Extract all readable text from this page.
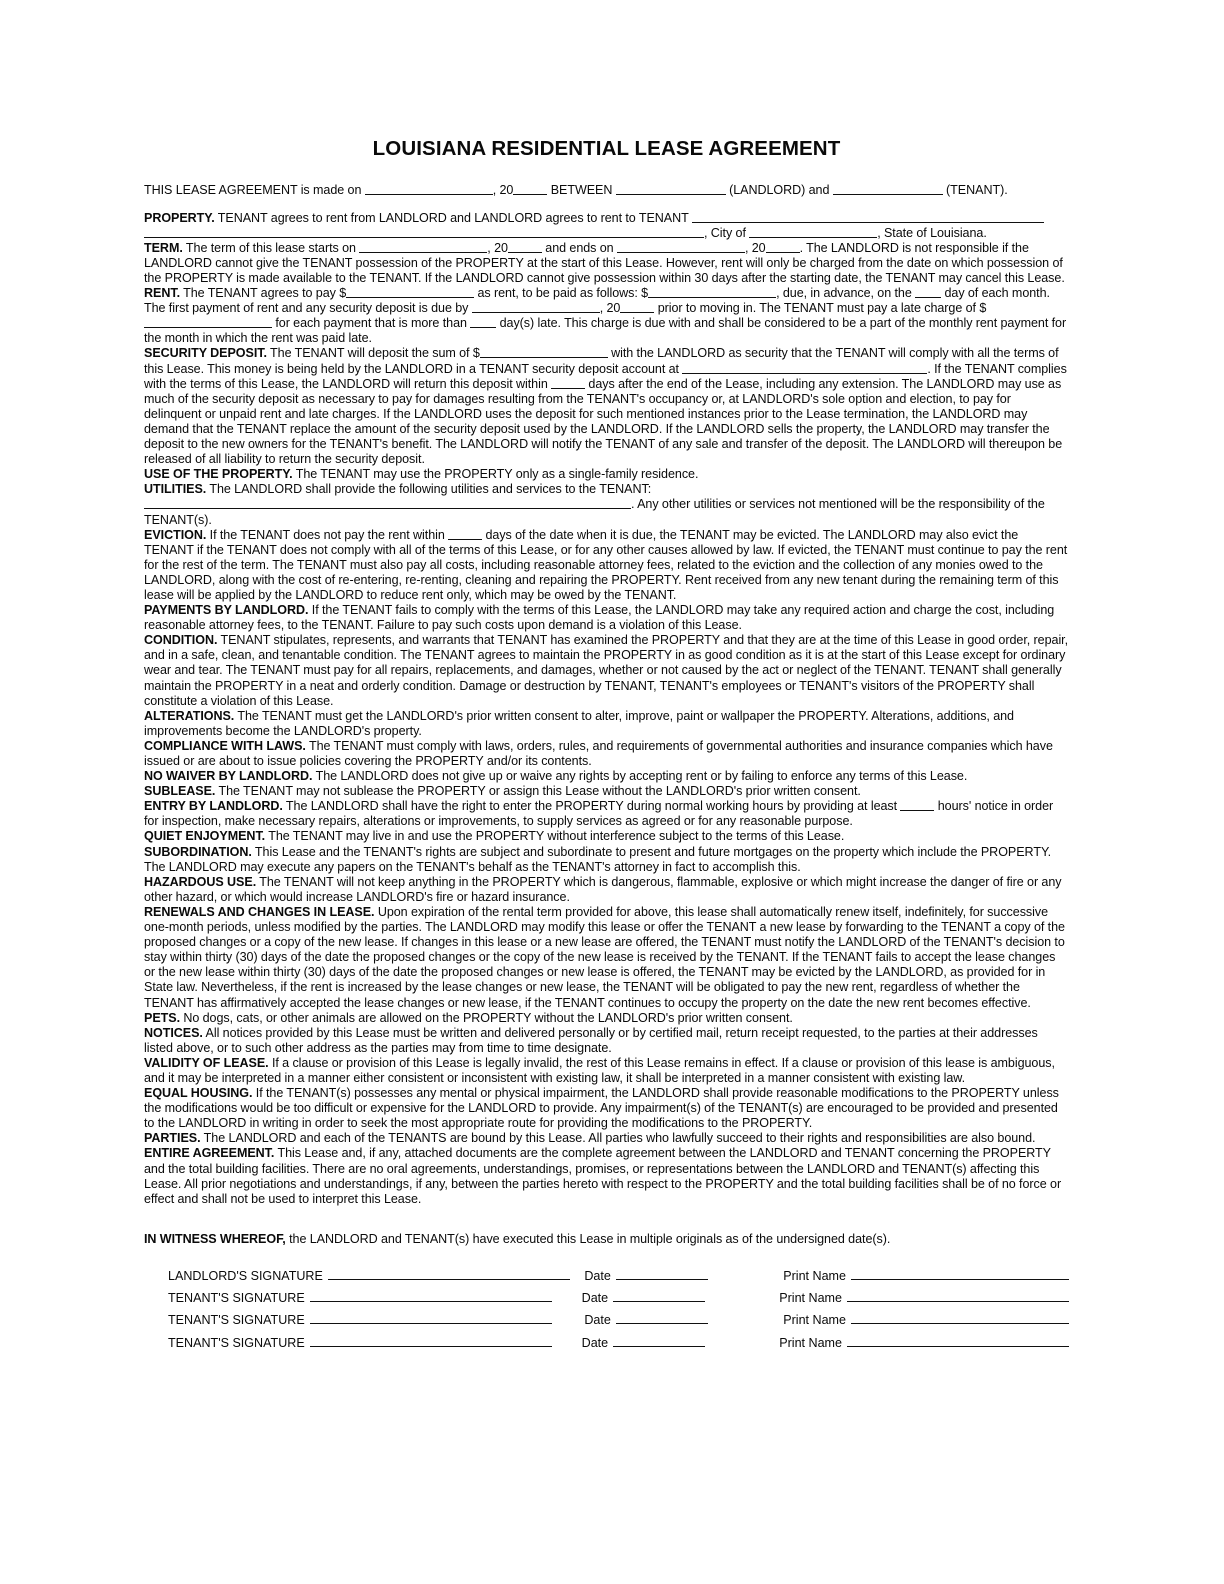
LOUISIANA RESIDENTIAL LEASE AGREEMENT

THIS LEASE AGREEMENT is made on	, 20	BETWEEN	(LANDLORD) and	(TENANT).

PROPERTY. TENANT agrees to rent from LANDLORD and LANDLORD agrees to rent to TENANT
, City of	, State of Louisiana.

TERM. The term of this lease starts on	, 20	and ends on	, 20	. The LANDLORD is not responsible if the LANDLORD cannot give the TENANT possession of the PROPERTY at the start of this Lease. However, rent will only be charged from the date on which possession of the PROPERTY is made available to the TENANT. If the LANDLORD cannot give possession within 30 days after the starting date, the TENANT may cancel this Lease.

RENT. The TENANT agrees to pay $	as rent, to be paid as follows: $	, due, in advance, on the  day of each month. The first payment of rent and any security deposit is due by	, 20	prior to moving in. The TENANT must pay a late charge of $ for each payment that is more than  day(s) late. This charge is due with and shall be considered to be a part of the monthly rent payment for the month in which the rent was paid late.

SECURITY DEPOSIT. The TENANT will deposit the sum of $	with the LANDLORD as security that the TENANT will comply with all the terms of this Lease. This money is being held by the LANDLORD in a TENANT security deposit account at	. If the TENANT complies with the terms of this Lease, the LANDLORD will return this deposit within	days after the end of the Lease, including any extension. The LANDLORD may use as much of the security deposit as necessary to pay for damages resulting from the TENANT's occupancy or, at LANDLORD's sole option and election, to pay for delinquent or unpaid rent and late charges. If the LANDLORD uses the deposit for such mentioned instances prior to the Lease termination, the LANDLORD may demand that the TENANT replace the amount of the security deposit used by the LANDLORD. If the LANDLORD sells the property, the LANDLORD may transfer the deposit to the new owners for the TENANT's benefit. The LANDLORD will notify the TENANT of any sale and transfer of the deposit. The LANDLORD will thereupon be released of all liability to return the security deposit.

USE OF THE PROPERTY. The TENANT may use the PROPERTY only as a single-family residence.

UTILITIES. The LANDLORD shall provide the following utilities and services to the TENANT: . Any other utilities or services not mentioned will be the responsibility of the TENANT(s).

EVICTION. If the TENANT does not pay the rent within	days of the date when it is due, the TENANT may be evicted. The LANDLORD may also evict the TENANT if the TENANT does not comply with all of the terms of this Lease, or for any other causes allowed by law. If evicted, the TENANT must continue to pay the rent for the rest of the term. The TENANT must also pay all costs, including reasonable attorney fees, related to the eviction and the collection of any monies owed to the LANDLORD, along with the cost of re-entering, re-renting, cleaning and repairing the PROPERTY. Rent received from any new tenant during the remaining term of this lease will be applied by the LANDLORD to reduce rent only, which may be owed by the TENANT.

PAYMENTS BY LANDLORD. If the TENANT fails to comply with the terms of this Lease, the LANDLORD may take any required action and charge the cost, including reasonable attorney fees, to the TENANT. Failure to pay such costs upon demand is a violation of this Lease.

CONDITION. TENANT stipulates, represents, and warrants that TENANT has examined the PROPERTY and that they are at the time of this Lease in good order, repair, and in a safe, clean, and tenantable condition. The TENANT agrees to maintain the PROPERTY in as good condition as it is at the start of this Lease except for ordinary wear and tear. The TENANT must pay for all repairs, replacements, and damages, whether or not caused by the act or neglect of the TENANT. TENANT shall generally maintain the PROPERTY in a neat and orderly condition. Damage or destruction by TENANT, TENANT's employees or TENANT's visitors of the PROPERTY shall constitute a violation of this Lease.

ALTERATIONS. The TENANT must get the LANDLORD's prior written consent to alter, improve, paint or wallpaper the PROPERTY. Alterations, additions, and improvements become the LANDLORD's property.

COMPLIANCE WITH LAWS. The TENANT must comply with laws, orders, rules, and requirements of governmental authorities and insurance companies which have issued or are about to issue policies covering the PROPERTY and/or its contents.

NO WAIVER BY LANDLORD. The LANDLORD does not give up or waive any rights by accepting rent or by failing to enforce any terms of this Lease.

SUBLEASE. The TENANT may not sublease the PROPERTY or assign this Lease without the LANDLORD's prior written consent.

ENTRY BY LANDLORD. The LANDLORD shall have the right to enter the PROPERTY during normal working hours by providing at least	hours' notice in order for inspection, make necessary repairs, alterations or improvements, to supply services as agreed or for any reasonable purpose.

QUIET ENJOYMENT. The TENANT may live in and use the PROPERTY without interference subject to the terms of this Lease.

SUBORDINATION. This Lease and the TENANT's rights are subject and subordinate to present and future mortgages on the property which include the PROPERTY. The LANDLORD may execute any papers on the TENANT's behalf as the TENANT's attorney in fact to accomplish this.

HAZARDOUS USE. The TENANT will not keep anything in the PROPERTY which is dangerous, flammable, explosive or which might increase the danger of fire or any other hazard, or which would increase LANDLORD's fire or hazard insurance.

RENEWALS AND CHANGES IN LEASE. Upon expiration of the rental term provided for above, this lease shall automatically renew itself, indefinitely, for successive one-month periods, unless modified by the parties. The LANDLORD may modify this lease or offer the TENANT a new lease by forwarding to the TENANT a copy of the proposed changes or a copy of the new lease. If changes in this lease or a new lease are offered, the TENANT must notify the LANDLORD of the TENANT's decision to stay within thirty (30) days of the date the proposed changes or the copy of the new lease is received by the TENANT. If the TENANT fails to accept the lease changes or the new lease within thirty (30) days of the date the proposed changes or new lease is offered, the TENANT may be evicted by the LANDLORD, as provided for in State law. Nevertheless, if the rent is increased by the lease changes or new lease, the TENANT will be obligated to pay the new rent, regardless of whether the TENANT has affirmatively accepted the lease changes or new lease, if the TENANT continues to occupy the property on the date the new rent becomes effective.

PETS. No dogs, cats, or other animals are allowed on the PROPERTY without the LANDLORD's prior written consent.

NOTICES. All notices provided by this Lease must be written and delivered personally or by certified mail, return receipt requested, to the parties at their addresses listed above, or to such other address as the parties may from time to time designate.

VALIDITY OF LEASE. If a clause or provision of this Lease is legally invalid, the rest of this Lease remains in effect. If a clause or provision of this lease is ambiguous, and it may be interpreted in a manner either consistent or inconsistent with existing law, it shall be interpreted in a manner consistent with existing law.

EQUAL HOUSING. If the TENANT(s) possesses any mental or physical impairment, the LANDLORD shall provide reasonable modifications to the PROPERTY unless the modifications would be too difficult or expensive for the LANDLORD to provide. Any impairment(s) of the TENANT(s) are encouraged to be provided and presented to the LANDLORD in writing in order to seek the most appropriate route for providing the modifications to the PROPERTY.

PARTIES. The LANDLORD and each of the TENANTS are bound by this Lease. All parties who lawfully succeed to their rights and responsibilities are also bound.

ENTIRE AGREEMENT. This Lease and, if any, attached documents are the complete agreement between the LANDLORD and TENANT concerning the PROPERTY and the total building facilities. There are no oral agreements, understandings, promises, or representations between the LANDLORD and TENANT(s) affecting this Lease. All prior negotiations and understandings, if any, between the parties hereto with respect to the PROPERTY and the total building facilities shall be of no force or effect and shall not be used to interpret this Lease.

IN WITNESS WHEREOF, the LANDLORD and TENANT(s) have executed this Lease in multiple originals as of the undersigned date(s).

LANDLORD'S SIGNATURE	Date	Print Name
TENANT'S SIGNATURE	Date	Print Name
TENANT'S SIGNATURE	Date	Print Name
TENANT'S SIGNATURE	Date	Print Name
